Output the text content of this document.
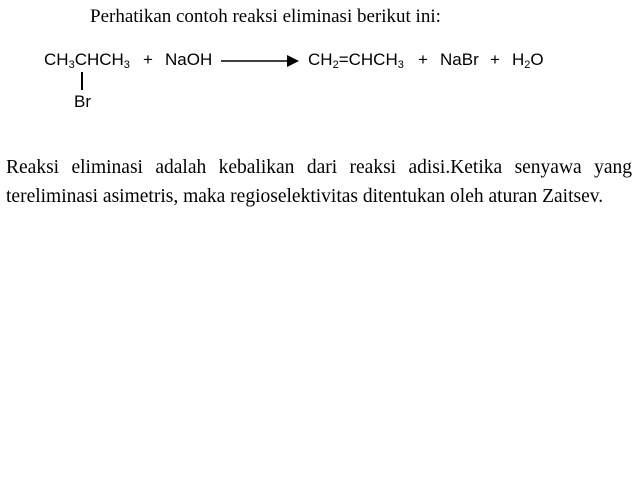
Perhatikan contoh reaksi eliminasi berikut ini:
$CH_3CHCH_3$
Br
+ NaOH	$CH_2=CHCH_3$ + NaBr + $H_2O$

Reaksi eliminasi adalah kebalikan dari reaksi adisi.Ketika senyawa yang tereliminasi asimetris, maka regioselektivitas ditentukan oleh aturan Zaitsev.
